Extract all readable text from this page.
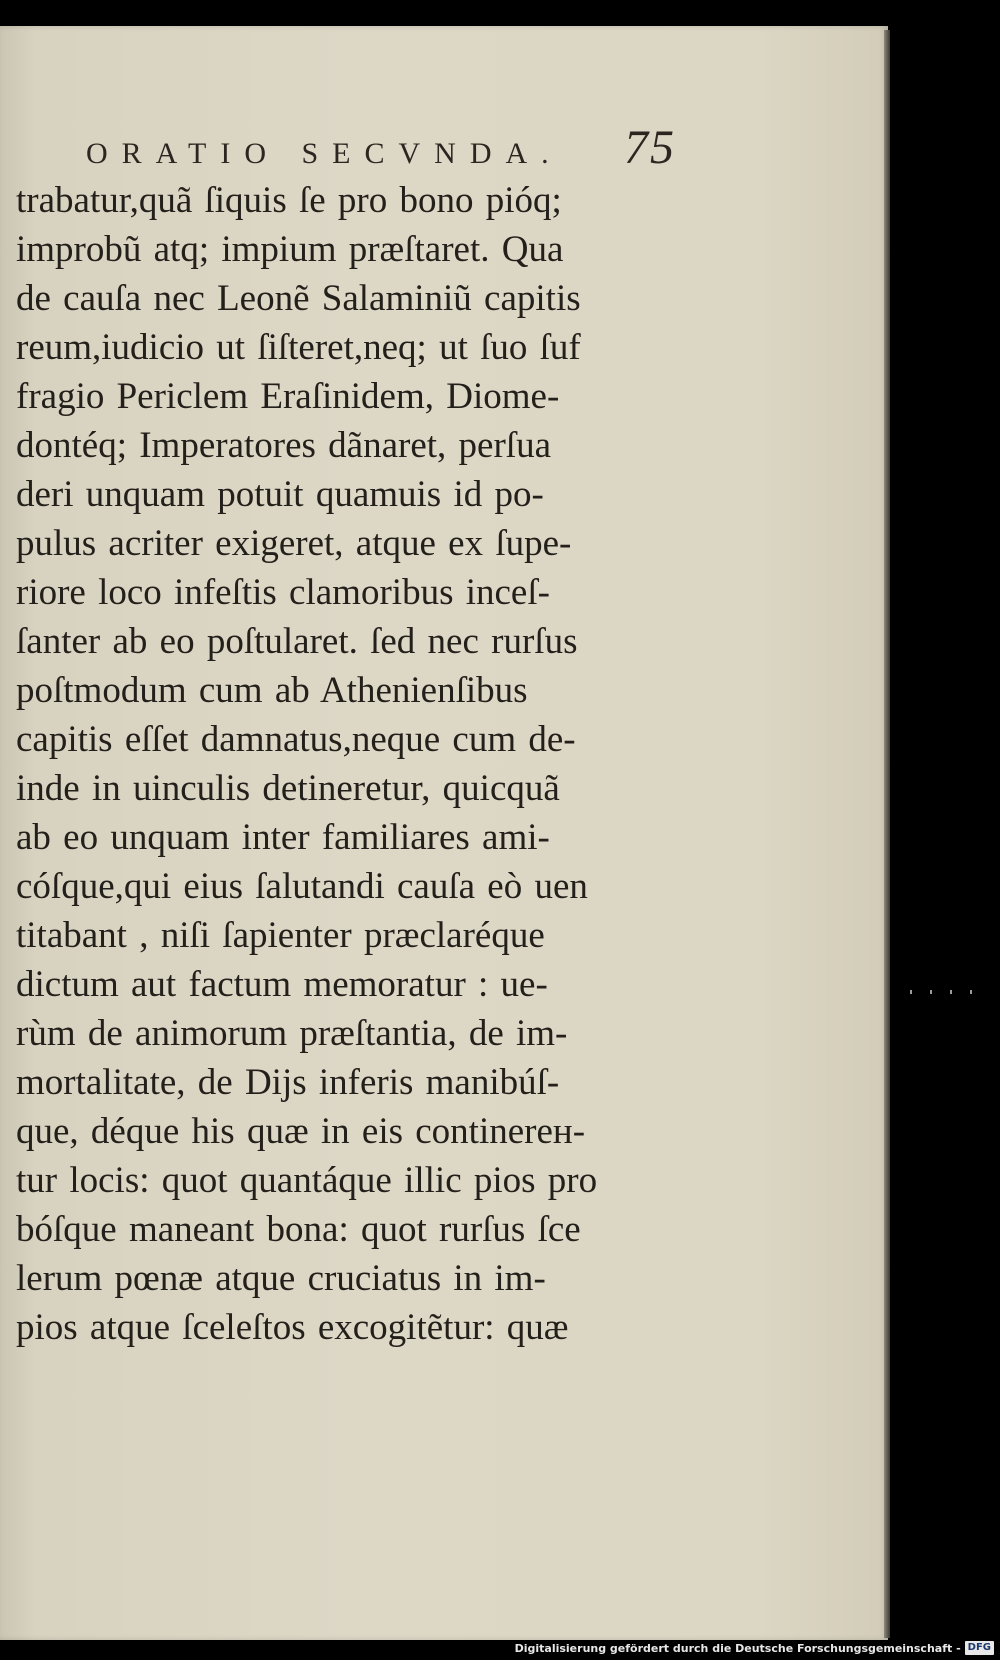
ORATIO SECVNDA. 75
trabatur,quã ſiquis ſe pro bono pióq;
improbũ atq; impium præſtaret. Qua
de cauſa nec Leonẽ Salaminiũ capitis
reum,iudicio ut ſiſteret,neq; ut ſuo ſuf
fragio Periclem Eraſinidem, Diome-
dontéq; Imperatores dãnaret, perſua
deri unquam potuit quamuis id po-
pulus acriter exigeret, atque ex ſupe-
riore loco infeſtis clamoribus inceſ-
ſanter ab eo poſtularet. ſed nec rurſus
poſtmodum cum ab Athenienſibus
capitis eſſet damnatus,neque cum de-
inde in uinculis detineretur, quicquã
ab eo unquam inter familiares ami-
cóſque,qui eius ſalutandi cauſa eò uen
titabant , niſi ſapienter præclaréque
dictum aut factum memoratur : ue-
rùm de animorum præſtantia, de im-
mortalitate, de Dijs inferis manibúſ-
que, déque his quæ in eis continerен-
tur locis: quot quantáque illic pios pro
bóſque maneant bona: quot rurſus ſce
lerum pœnæ atque cruciatus in im-
pios atque ſceleſtos excogitẽtur: quæ
Digitalisierung gefördert durch die Deutsche Forschungsgemeinschaft - DFG
